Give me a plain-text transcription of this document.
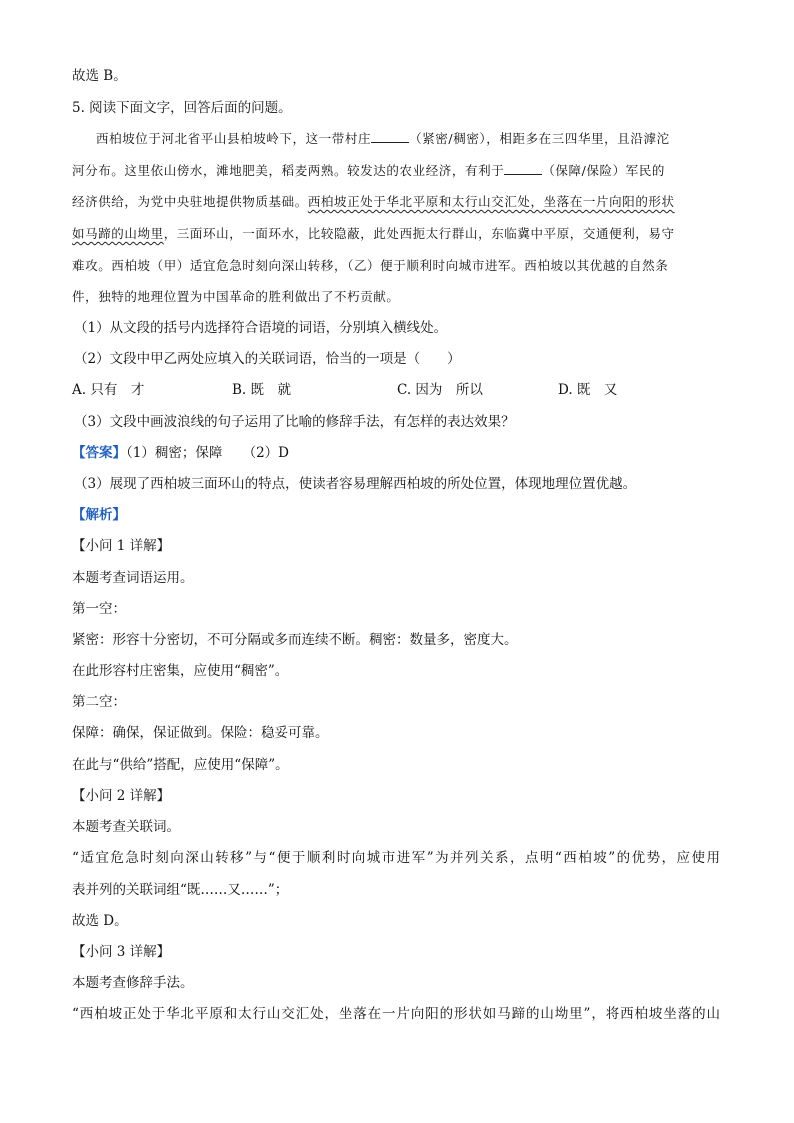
故选 B。
5. 阅读下面文字，回答后面的问题。
西柏坡位于河北省平山县柏坡岭下，这一带村庄	（紧密/稠密），相距多在三四华里，且沿滹沱
河分布。这里依山傍水，滩地肥美，稻麦两熟。较发达的农业经济，有利于	（保障/保险）军民的
经济供给，为党中央驻地提供物质基础。西柏坡正处于华北平原和太行山交汇处，坐落在一片向阳的形状
如马蹄的山坳里，三面环山，一面环水，比较隐蔽，此处西扼太行群山，东临冀中平原，交通便利，易守
难攻。西柏坡（甲）适宜危急时刻向深山转移，（乙）便于顺利时向城市进军。西柏坡以其优越的自然条
件，独特的地理位置为中国革命的胜利做出了不朽贡献。
（1）从文段的括号内选择符合语境的词语，分别填入横线处。
（2）文段中甲乙两处应填入的关联词语，恰当的一项是（　　）
A. 只有　才	B. 既　就	C. 因为　所以	D. 既　又
（3）文段中画波浪线的句子运用了比喻的修辞手法，有怎样的表达效果？
【答案】（1）稠密；保障　　（2）D
（3）展现了西柏坡三面环山的特点，使读者容易理解西柏坡的所处位置，体现地理位置优越。
【解析】
【小问 1 详解】
本题考查词语运用。
第一空：
紧密：形容十分密切，不可分隔或多而连续不断。稠密：数量多，密度大。
在此形容村庄密集，应使用“稠密”。
第二空：
保障：确保，保证做到。保险：稳妥可靠。
在此与“供给”搭配，应使用“保障”。
【小问 2 详解】
本题考查关联词。
“适宜危急时刻向深山转移”与“便于顺利时向城市进军”为并列关系，点明“西柏坡”的优势，应使用
表并列的关联词组“既……又……”；
故选 D。
【小问 3 详解】
本题考查修辞手法。
“西柏坡正处于华北平原和太行山交汇处，坐落在一片向阳的形状如马蹄的山坳里”，将西柏坡坐落的山
